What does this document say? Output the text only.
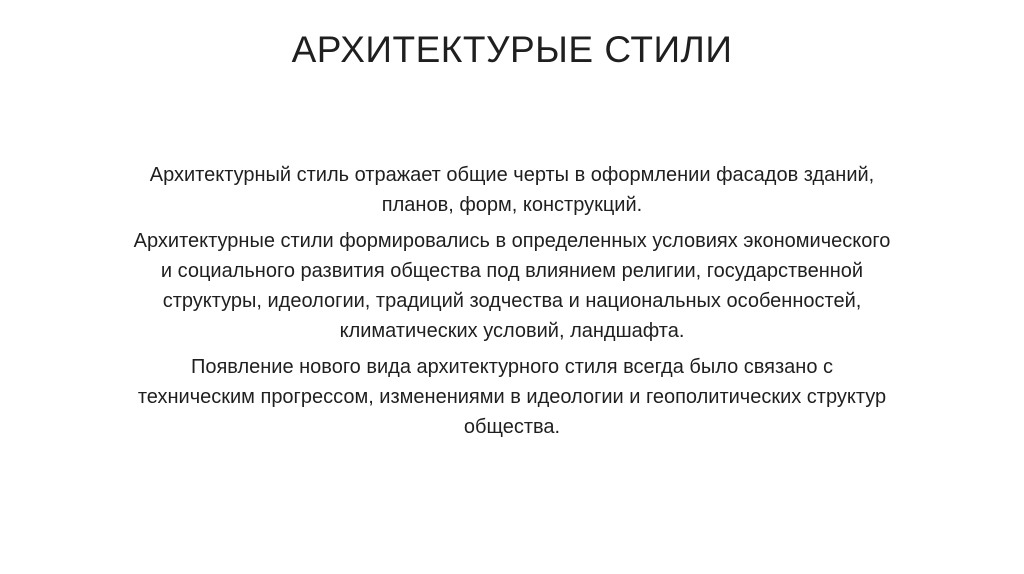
АРХИТЕКТУРЫЕ СТИЛИ

Архитектурный стиль отражает общие черты в оформлении фасадов зданий, планов, форм, конструкций.

Архитектурные стили формировались в определенных условиях экономического и социального развития общества под влиянием религии, государственной структуры, идеологии, традиций зодчества и национальных особенностей, климатических условий, ландшафта.

Появление нового вида архитектурного стиля всегда было связано с техническим прогрессом, изменениями в идеологии и геополитических структур общества.
